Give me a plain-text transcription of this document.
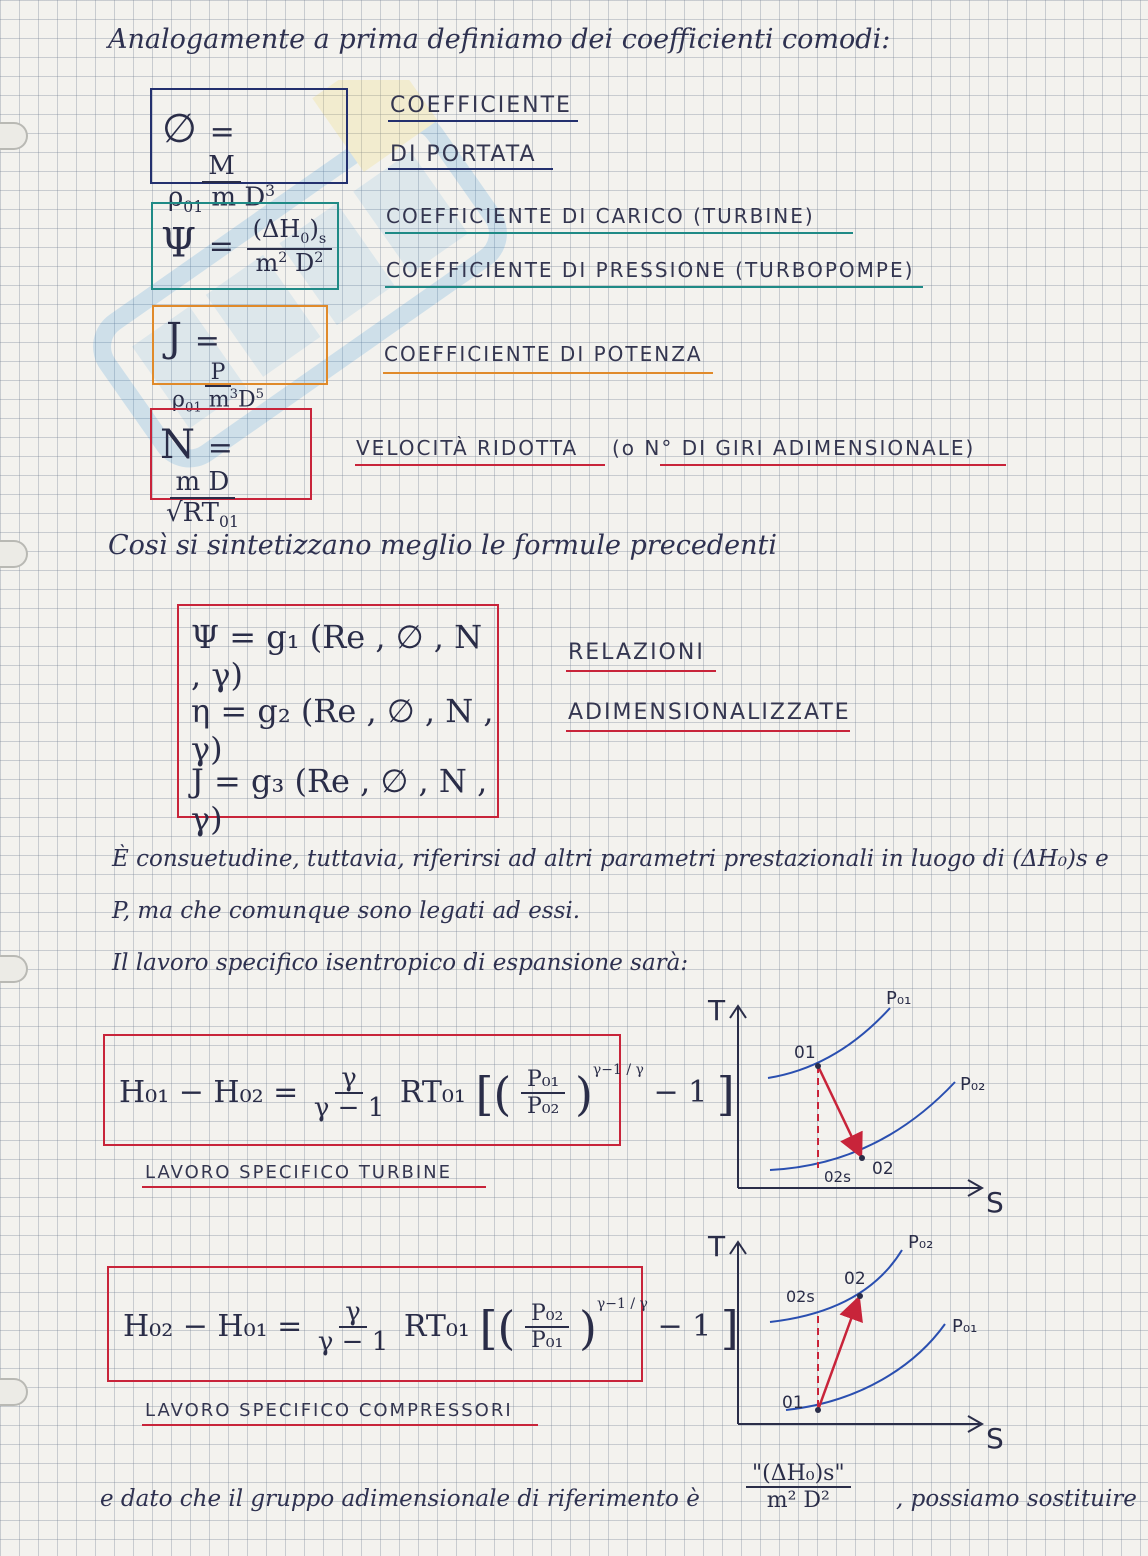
Analogamente a prima definiamo dei coefficienti comodi:
∅ =
$\frac{M}{\rho_{01} m D^3}$
COEFFICIENTE
DI PORTATA
$\Psi = \frac{(\Delta H_0)_s}{m^2 D^2}$	COEFFICIENTE DI CARICO (TURBINE)
COEFFICIENTE DI PRESSIONE (TURBOPOMPE)
J =
$\frac{P}{\rho_{01} m^3D^5}$
COEFFICIENTE DI POTENZA
N =
$\frac{\text{m D}}{√RT_{01}}$
VELOCITÀ RIDOTTA (o N° DI GIRI ADIMENSIONALE)
Così si sintetizzano meglio le formule precedenti
Ψ = g₁ (Re , ∅ , N , γ)
η = g₂ (Re , ∅ , N , γ)
J = g₃ (Re , ∅ , N , γ)
RELAZIONI
ADIMENSIONALIZZATE
È consuetudine, tuttavia, riferirsi ad altri parametri prestazionali in luogo di (ΔH₀)s e
P, ma che comunque sono legati ad essi.
Il lavoro specifico isentropico di espansione sarà:
$H_{01} - H_{02} = \frac{\gamma}{\gamma - 1} RT_{01}$ [( $\frac{\text{P₀₁}}{\text{P₀₂}} )^{\gamma-1 / \gamma} - 1$ ]
LAVORO SPECIFICO TURBINE
$H_{02} - H_{01} = \frac{\gamma}{\gamma - 1} RT_{01}$ [( $\frac{\text{P₀₂}}{\text{P₀₁}} )^{\gamma-1 / \gamma} - 1$ ]
LAVORO SPECIFICO COMPRESSORI
T
S
P₀₁
P₀₂
01
02
02s
T
S
P₀₂
P₀₁
01
02
02s
e dato che il gruppo adimensionale di riferimento è $\frac{\text{"(ΔH₀)s"}}{\text{m² D²}}$ , possiamo sostituire
